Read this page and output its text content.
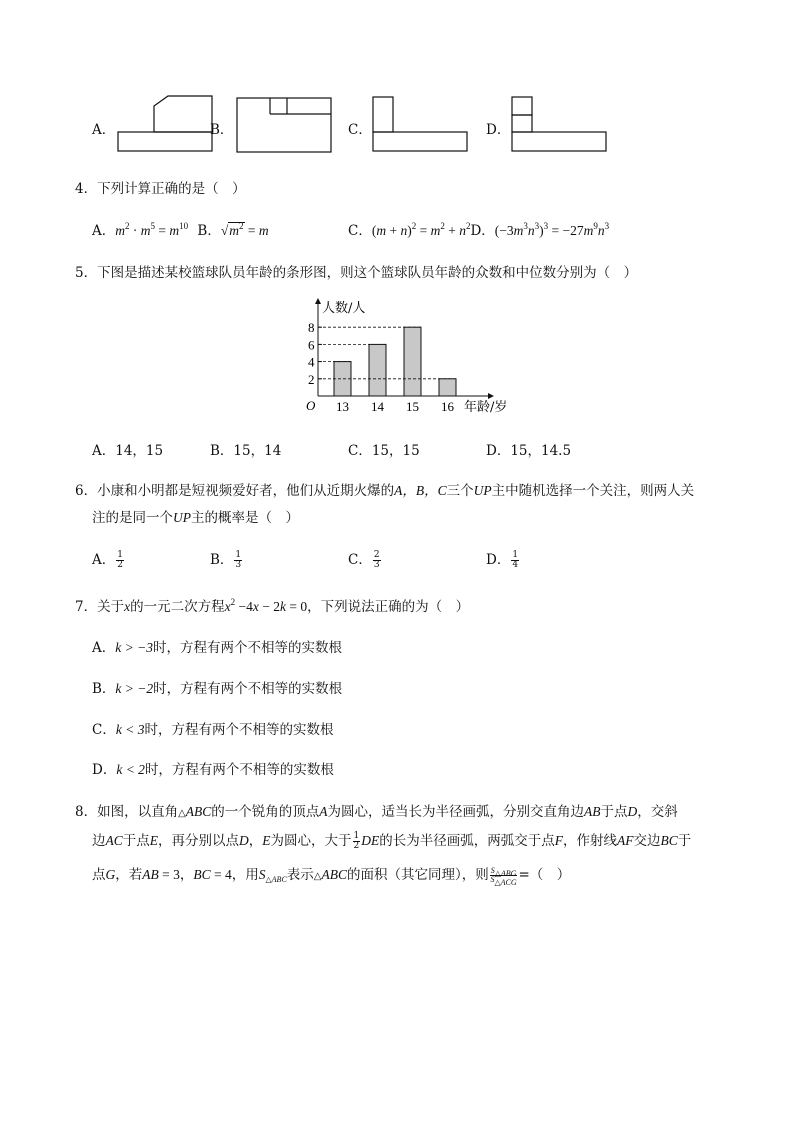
A．	B．	C．	D．
4．下列计算正确的是（　）
A．$m^2 \cdot m^5 = m^{10}$ B．$√m^2 = m$	C．$(m + n)^2 = m^2 + n^2D$．$(-3m^3n^3)^3 = -27m^9n^3$
5．下图是描述某校篮球队员年龄的条形图，则这个篮球队员年龄的众数和中位数分别为（　）
人数/人
年龄/岁
O
2
4
6
8
13 14 15 16
A．14，15	B．15，14	C．15，15	D．15，14.5
6．小康和小明都是短视频爱好者，他们从近期火爆的A，B，C三个UP主中随机选择一个关注，则两人关
注的是同一个UP主的概率是（　）
A． $\frac{1}{2}$	B． $\frac{1}{3}$	C． $\frac{2}{3}$	D． $\frac{1}{4}$
7．关于x的一元二次方程$x^2 -4x - 2k = 0$，下列说法正确的为（　）
A．k > −3时，方程有两个不相等的实数根
B．k > −2时，方程有两个不相等的实数根
C．k < 3时，方程有两个不相等的实数根
D．k < 2时，方程有两个不相等的实数根
8．如图，以直角△ABC的一个锐角的顶点A为圆心，适当长为半径画弧，分别交直角边AB于点D，交斜
边AC于点E，再分别以点D，E为圆心，大于 $\frac{1}{2}$ DE的长为半径画弧，两弧交于点F，作射线AF交边BC于
点G，若AB = 3，BC = 4，用$S_{\triangle ABC}$表示△ABC的面积（其它同理），则 $\frac{S_{\triangle ABG}}{S_{\triangle ACG}}$ =（　）
